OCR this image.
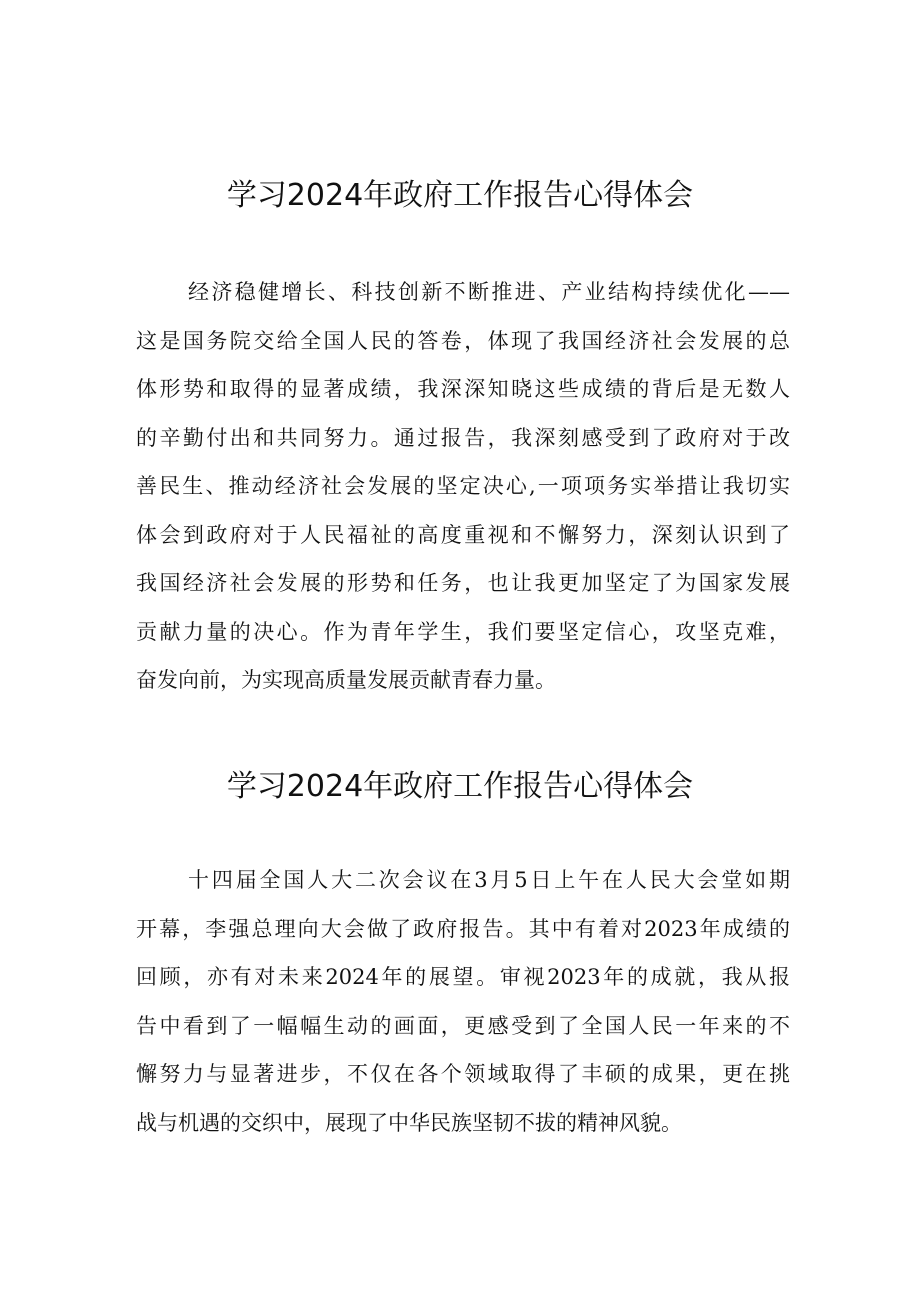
学习2024年政府工作报告心得体会
经济稳健增长、科技创新不断推进、产业结构持续优化——
这是国务院交给全国人民的答卷，体现了我国经济社会发展的总
体形势和取得的显著成绩，我深深知晓这些成绩的背后是无数人
的辛勤付出和共同努力。通过报告，我深刻感受到了政府对于改
善民生、推动经济社会发展的坚定决心,一项项务实举措让我切实
体会到政府对于人民福祉的高度重视和不懈努力，深刻认识到了
我国经济社会发展的形势和任务，也让我更加坚定了为国家发展
贡献力量的决心。作为青年学生，我们要坚定信心，攻坚克难，
奋发向前，为实现高质量发展贡献青春力量。
学习2024年政府工作报告心得体会
十四届全国人大二次会议在3月5日上午在人民大会堂如期
开幕，李强总理向大会做了政府报告。其中有着对2023年成绩的
回顾，亦有对未来2024年的展望。审视2023年的成就，我从报
告中看到了一幅幅生动的画面，更感受到了全国人民一年来的不
懈努力与显著进步，不仅在各个领域取得了丰硕的成果，更在挑
战与机遇的交织中，展现了中华民族坚韧不拔的精神风貌。
